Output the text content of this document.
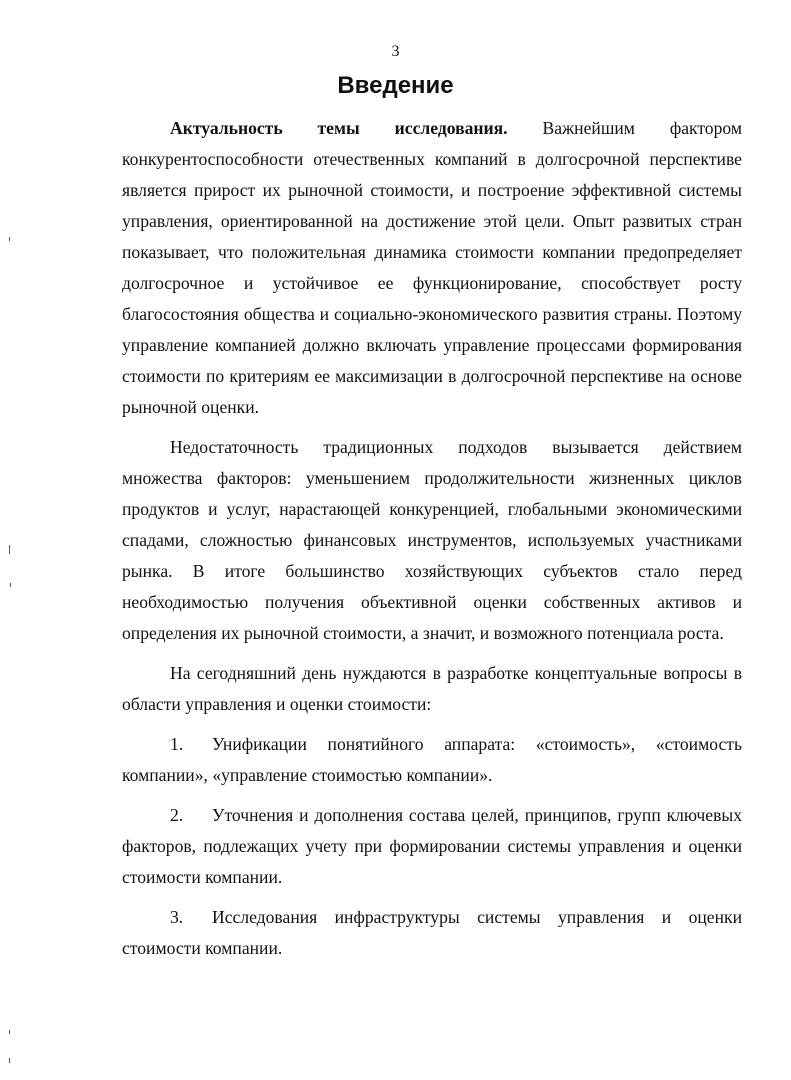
3
Введение

Актуальность темы исследования. Важнейшим фактором конкурентоспособности отечественных компаний в долгосрочной перспективе является прирост их рыночной стоимости, и построение эффективной системы управления, ориентированной на достижение этой цели. Опыт развитых стран показывает, что положительная динамика стоимости компании предопределяет долгосрочное и устойчивое ее функционирование, способствует росту благосостояния общества и социально-экономического развития страны. Поэтому управление компанией должно включать управление процессами формирования стоимости по критериям ее максимизации в долгосрочной перспективе на основе рыночной оценки.

Недостаточность традиционных подходов вызывается действием множества факторов: уменьшением продолжительности жизненных циклов продуктов и услуг, нарастающей конкуренцией, глобальными экономическими спадами, сложностью финансовых инструментов, используемых участниками рынка. В итоге большинство хозяйствующих субъектов стало перед необходимостью получения объективной оценки собственных активов и определения их рыночной стоимости, а значит, и возможного потенциала роста.

На сегодняшний день нуждаются в разработке концептуальные вопросы в области управления и оценки стоимости:

1. Унификации понятийного аппарата: «стоимость», «стоимость компании», «управление стоимостью компании».

2. Уточнения и дополнения состава целей, принципов, групп ключевых факторов, подлежащих учету при формировании системы управления и оценки стоимости компании.

3. Исследования инфраструктуры системы управления и оценки стоимости компании.
